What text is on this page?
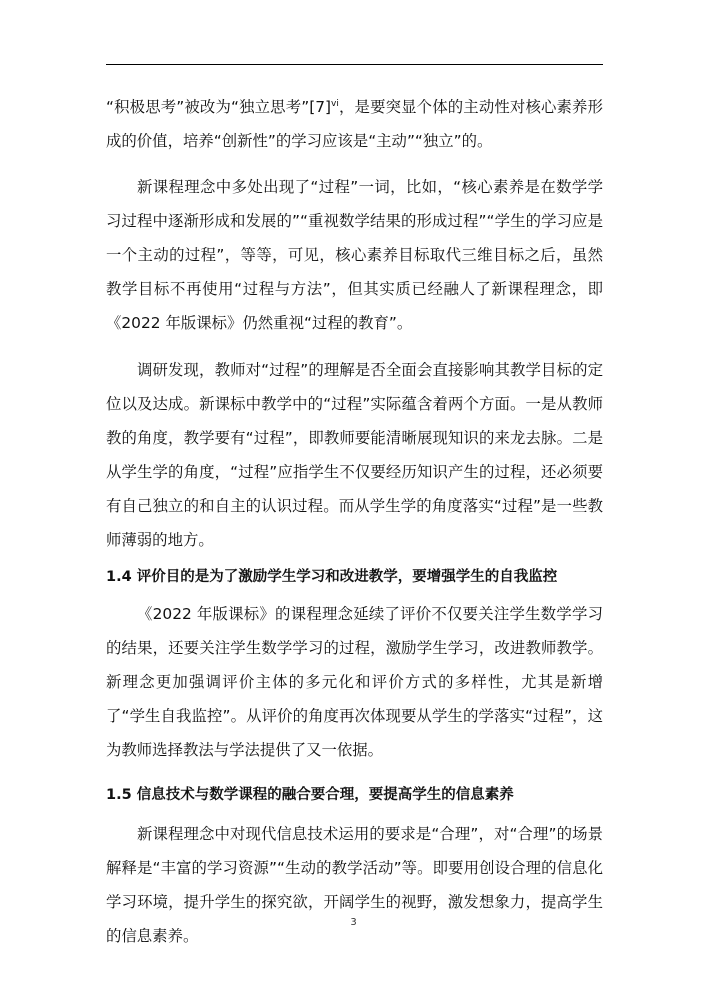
“积极思考”被改为“独立思考$”[7]^{vi}$，是要突显个体的主动性对核心素养形成的价值，培养“创新性”的学习应该是“主动”“独立”的。

新课程理念中多处出现了“过程”一词，比如，“核心素养是在数学学习过程中逐渐形成和发展的”“重视数学结果的形成过程”“学生的学习应是一个主动的过程”，等等，可见，核心素养目标取代三维目标之后，虽然教学目标不再使用“过程与方法”，但其实质已经融人了新课程理念，即《2022 年版课标》仍然重视“过程的教育”。

调研发现，教师对“过程”的理解是否全面会直接影响其教学目标的定位以及达成。新课标中教学中的“过程”实际蕴含着两个方面。一是从教师教的角度，教学要有“过程”，即教师要能清晰展现知识的来龙去脉。二是从学生学的角度，“过程”应指学生不仅要经历知识产生的过程，还必须要有自己独立的和自主的认识过程。而从学生学的角度落实“过程”是一些教师薄弱的地方。

1.4 评价目的是为了激励学生学习和改进教学，要增强学生的自我监控

《2022 年版课标》的课程理念延续了评价不仅要关注学生数学学习的结果，还要关注学生数学学习的过程，激励学生学习，改进教师教学。新理念更加强调评价主体的多元化和评价方式的多样性，尤其是新增了“学生自我监控”。从评价的角度再次体现要从学生的学落实“过程”，这为教师选择教法与学法提供了又一依据。

1.5 信息技术与数学课程的融合要合理，要提高学生的信息素养

新课程理念中对现代信息技术运用的要求是“合理”，对“合理”的场景解释是“丰富的学习资源”“生动的教学活动”等。即要用创设合理的信息化学习环境，提升学生的探究欲，开阔学生的视野，激发想象力，提高学生的信息素养。

3
